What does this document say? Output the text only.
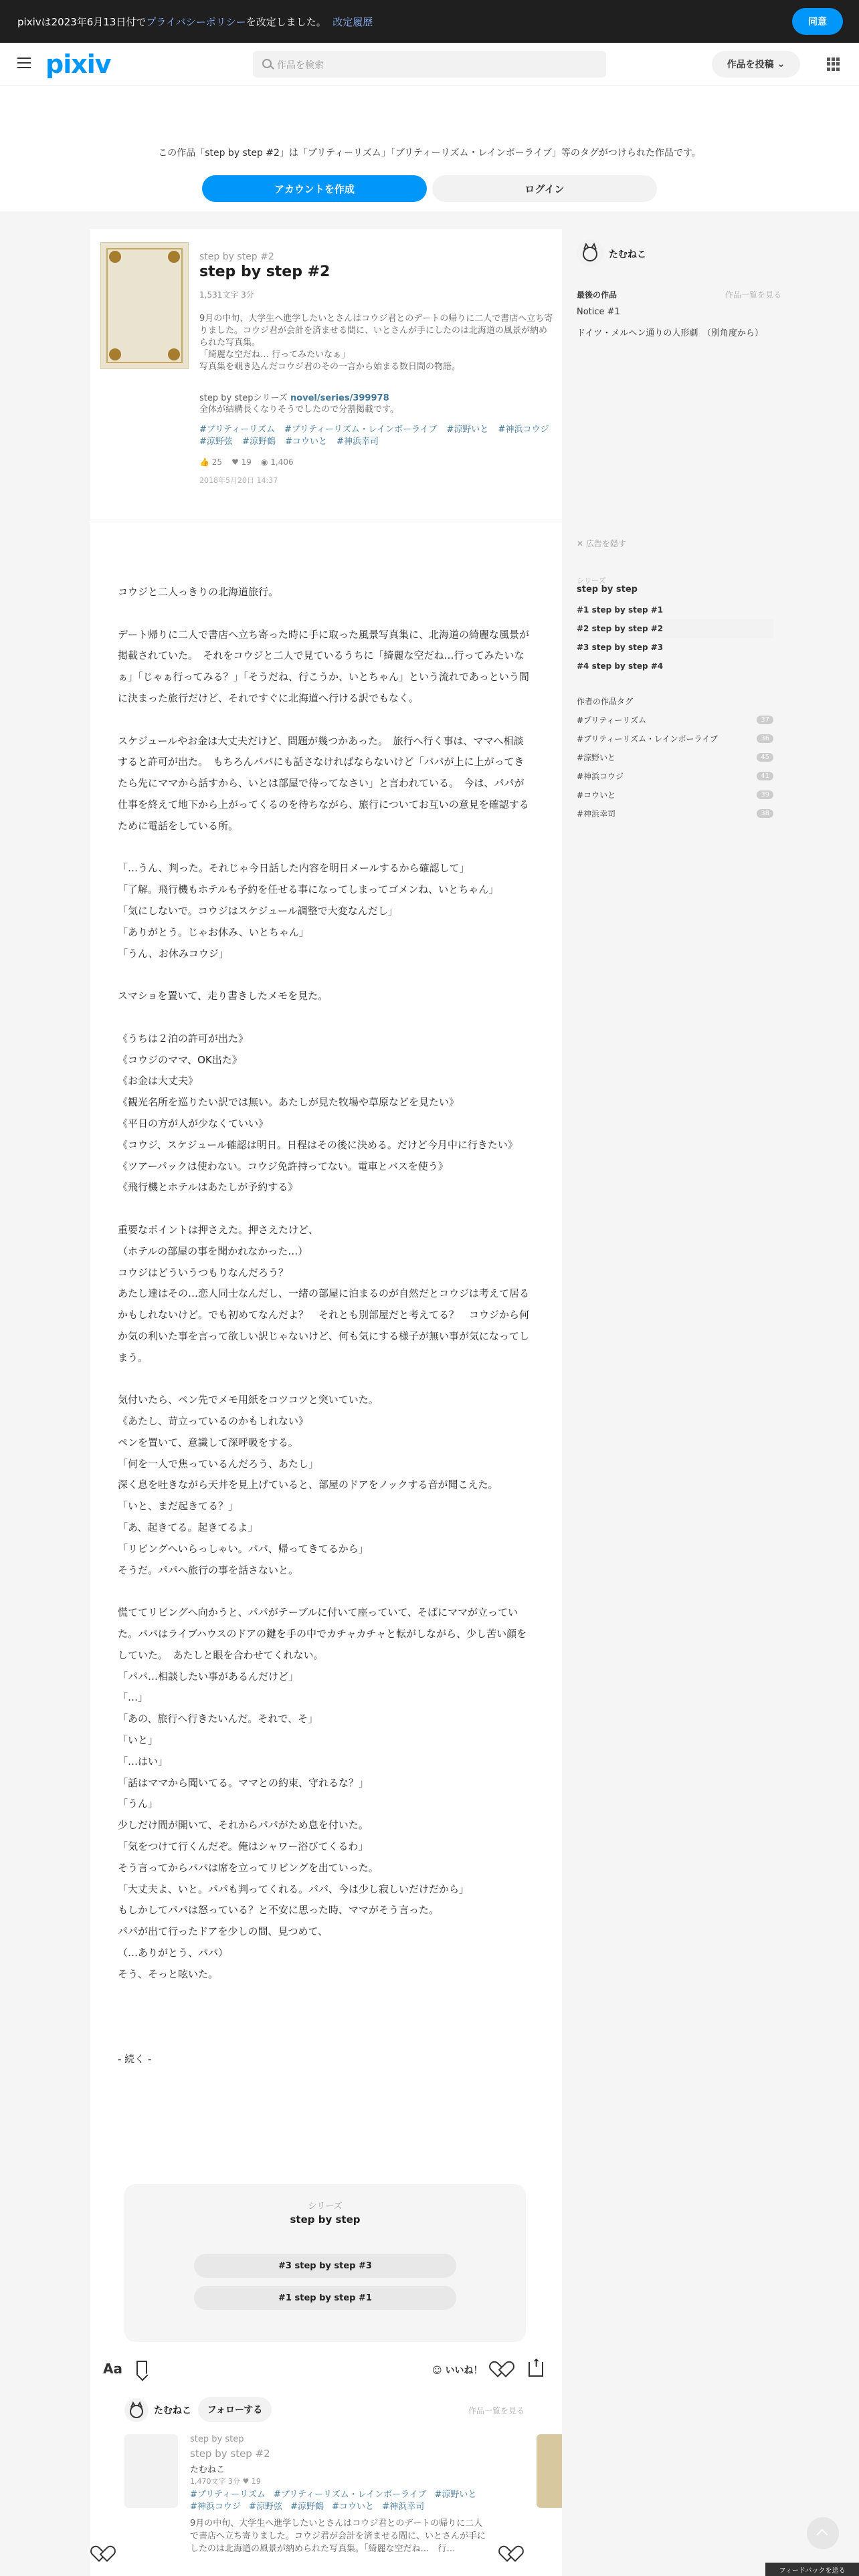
pixivは2023年6月13日付でプライバシーポリシーを改定しました。 改定履歴	同意
pixiv	作品を検索	作品を投稿
⌄
この作品「step by step #2」は「プリティーリズム」「プリティーリズム・レインボーライブ」等のタグがつけられた作品です。
アカウントを作成	ログイン
step by step #2
step by step #2
1,531文字 3分

9月の中旬、大学生へ進学したいとさんはコウジ君とのデートの帰りに二人で書店へ立ち寄りました。コウジ君が会計を済ませる間に、いとさんが手にしたのは北海道の風景が納められた写真集。

「綺麗な空だね… 行ってみたいなぁ」

写真集を覗き込んだコウジ君のその一言から始まる数日間の物語。

step by stepシリーズ novel/series/399978
全体が結構長くなりそうでしたので分割掲載です。
#プリティーリズム #プリティーリズム・レインボーライブ #涼野いと #神浜コウジ #涼野弦 #涼野鶴 #コウいと #神浜幸司
👍 25 ♥ 19 ◉ 1,406
2018年5月20日 14:37
コウジと二人っきりの北海道旅行。
デート帰りに二人で書店へ立ち寄った時に手に取った風景写真集に、北海道の綺麗な風景が掲載されていた。　それをコウジと二人で見ているうちに「綺麗な空だね…行ってみたいなぁ」「じゃぁ行ってみる？」「そうだね、行こうか、いとちゃん」という流れであっという間に決まった旅行だけど、それですぐに北海道へ行ける訳でもなく。
スケジュールやお金は大丈夫だけど、問題が幾つかあった。　旅行へ行く事は、ママへ相談すると許可が出た。　もちろんパパにも話さなければならないけど「パパが上に上がってきたら先にママから話すから、いとは部屋で待ってなさい」と言われている。　今は、パパが仕事を終えて地下から上がってくるのを待ちながら、旅行についてお互いの意見を確認するために電話をしている所。
「…うん、判った。それじゃ今日話した内容を明日メールするから確認して」
「了解。飛行機もホテルも予約を任せる事になってしまってゴメンね、いとちゃん」
「気にしないで。コウジはスケジュール調整で大変なんだし」
「ありがとう。じゃお休み、いとちゃん」
「うん、お休みコウジ」
スマショを置いて、走り書きしたメモを見た。
《うちは２泊の許可が出た》
《コウジのママ、OK出た》
《お金は大丈夫》
《観光名所を巡りたい訳では無い。あたしが見た牧場や草原などを見たい》
《平日の方が人が少なくていい》
《コウジ、スケジュール確認は明日。日程はその後に決める。だけど今月中に行きたい》
《ツアーパックは使わない。コウジ免許持ってない。電車とバスを使う》
《飛行機とホテルはあたしが予約する》
重要なポイントは押さえた。押さえたけど、
（ホテルの部屋の事を聞かれなかった…）
コウジはどういうつもりなんだろう？
あたし達はその…恋人同士なんだし、一緒の部屋に泊まるのが自然だとコウジは考えて居るかもしれないけど。でも初めてなんだよ？　それとも別部屋だと考えてる？　コウジから何か気の利いた事を言って欲しい訳じゃないけど、何も気にする様子が無い事が気になってしまう。
気付いたら、ペン先でメモ用紙をコツコツと突いていた。
《あたし、苛立っているのかもしれない》
ペンを置いて、意識して深呼吸をする。
「何を一人で焦っているんだろう、あたし」
深く息を吐きながら天井を見上げていると、部屋のドアをノックする音が聞こえた。
「いと、まだ起きてる？」
「あ、起きてる。起きてるよ」
「リビングへいらっしゃい。パパ、帰ってきてるから」
そうだ。パパへ旅行の事を話さないと。
慌ててリビングへ向かうと、パパがテーブルに付いて座っていて、そばにママが立っていた。パパはライブハウスのドアの鍵を手の中でカチャカチャと転がしながら、少し苦い顔をしていた。　あたしと眼を合わせてくれない。
「パパ…相談したい事があるんだけど」
「…」
「あの、旅行へ行きたいんだ。それで、そ」
「いと」
「…はい」
「話はママから聞いてる。ママとの約束、守れるな？」
「うん」
少しだけ間が開いて、それからパパがため息を付いた。
「気をつけて行くんだぞ。俺はシャワー浴びてくるわ」
そう言ってからパパは席を立ってリビングを出ていった。
「大丈夫よ、いと。パパも判ってくれる。パパ、今は少し寂しいだけだから」
もしかしてパパは怒っている？と不安に思った時、ママがそう言った。
パパが出て行ったドアを少しの間、見つめて、
（…ありがとう、パパ）
そう、そっと呟いた。
- 続く -
シリーズ
step by step
#3 step by step #3
#1 step by step #1
Aa	☺ いいね！
↑
たむねこ	フォローする	作品一覧を見る
step by step
step by step #2
たむねこ
1,470文字 3分 ♥ 19
#プリティーリズム #プリティーリズム・レインボーライブ #涼野いと #神浜コウジ #涼野弦 #涼野鶴 #コウいと #神浜幸司
9月の中旬、大学生へ進学したいとさんはコウジ君とのデートの帰りに二人で書店へ立ち寄りました。コウジ君が会計を済ませる間に、いとさんが手にしたのは北海道の風景が納められた写真集。「綺麗な空だね…　行…
たむねこ
最後の作品	作品一覧を見る
Notice #1
ドイツ・メルヘン通りの人形劇　（別角度から）
✕ 広告を隠す
シリーズ
step by step
#1 step by step #1
#2 step by step #2
#3 step by step #3
#4 step by step #4
作者の作品タグ
#プリティーリズム	37
#プリティーリズム・レインボーライブ	36
#涼野いと	45
#神浜コウジ	41
#コウいと	39
#神浜幸司	38
フィードバックを送る
